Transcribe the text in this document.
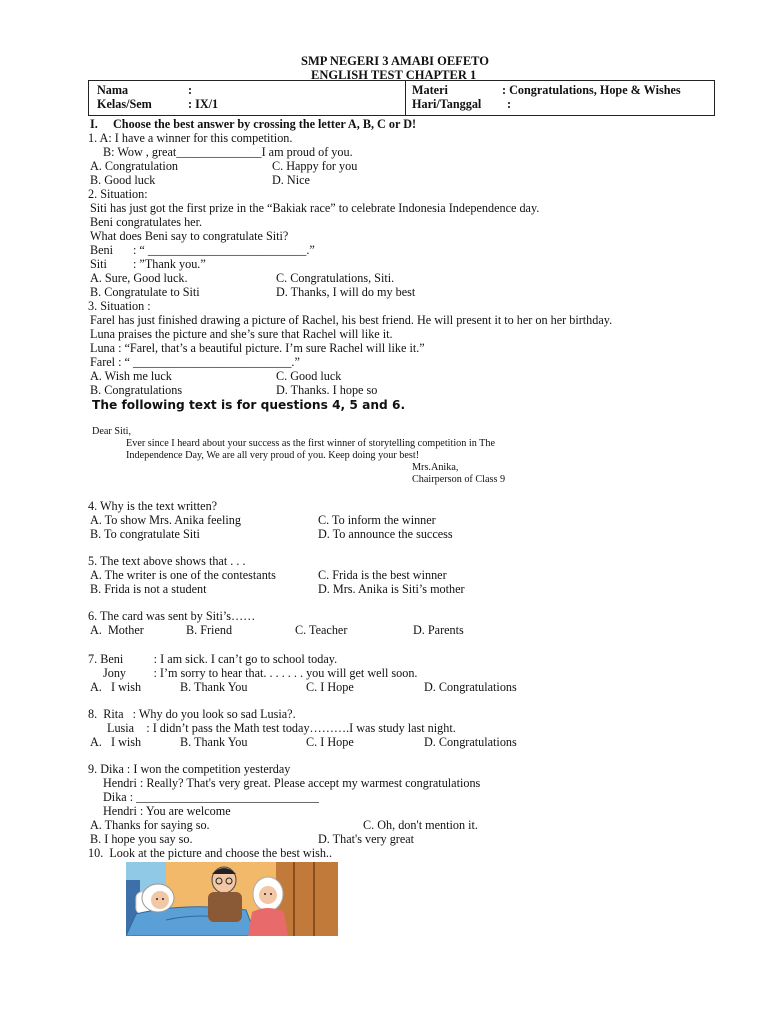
SMP NEGERI 3 AMABI OEFETO
ENGLISH TEST CHAPTER 1
Nama	:
Kelas/Sem	: IX/1
Materi	: Congratulations, Hope & Wishes
Hari/Tanggal :
I. Choose the best answer by crossing the letter A, B, C or D!
1. A: I have a winner for this competition.
B: Wow , great______________I am proud of you.
A. Congratulation	C. Happy for you
B. Good luck	D. Nice
2. Situation:
Siti has just got the first prize in the “Bakiak race” to celebrate Indonesia Independence day.
Beni congratulates her.
What does Beni say to congratulate Siti?
Beni : “ __________________________.”
Siti : ”Thank you.”
A. Sure, Good luck.	C. Congratulations, Siti.
B. Congratulate to Siti	D. Thanks, I will do my best
3. Situation :
Farel has just finished drawing a picture of Rachel, his best friend. He will present it to her on her birthday.
Luna praises the picture and she’s sure that Rachel will like it.
Luna : “Farel, that’s a beautiful picture. I’m sure Rachel will like it.”
Farel : “ __________________________.”
A. Wish me luck	C. Good luck
B. Congratulations	D. Thanks. I hope so
The following text is for questions 4, 5 and 6.
Dear Siti,
Ever since I heard about your success as the first winner of storytelling competition in The
Independence Day, We are all very proud of you. Keep doing your best!
Mrs.Anika,
Chairperson of Class 9
4. Why is the text written?
A. To show Mrs. Anika feeling	C. To inform the winner
B. To congratulate Siti	D. To announce the success
5. The text above shows that . . .
A. The writer is one of the contestants	C. Frida is the best winner
B. Frida is not a student	D. Mrs. Anika is Siti’s mother
6. The card was sent by Siti’s……
A.  Mother	B. Friend	C. Teacher	D. Parents
7. Beni          : I am sick. I can’t go to school today.
Jony         : I’m sorry to hear that. . . . . . . you will get well soon.
A.   I wish	B. Thank You	C. I Hope	D. Congratulations
8.  Rita   : Why do you look so sad Lusia?.
Lusia    : I didn’t pass the Math test today……….I was study last night.
A.   I wish	B. Thank You	C. I Hope	D. Congratulations
9. Dika : I won the competition yesterday
Hendri : Really? That's very great. Please accept my warmest congratulations
Dika : ______________________________
Hendri : You are welcome
A. Thanks for saying so.	C. Oh, don't mention it.
B. I hope you say so.	D. That's very great
10.  Look at the picture and choose the best wish..
